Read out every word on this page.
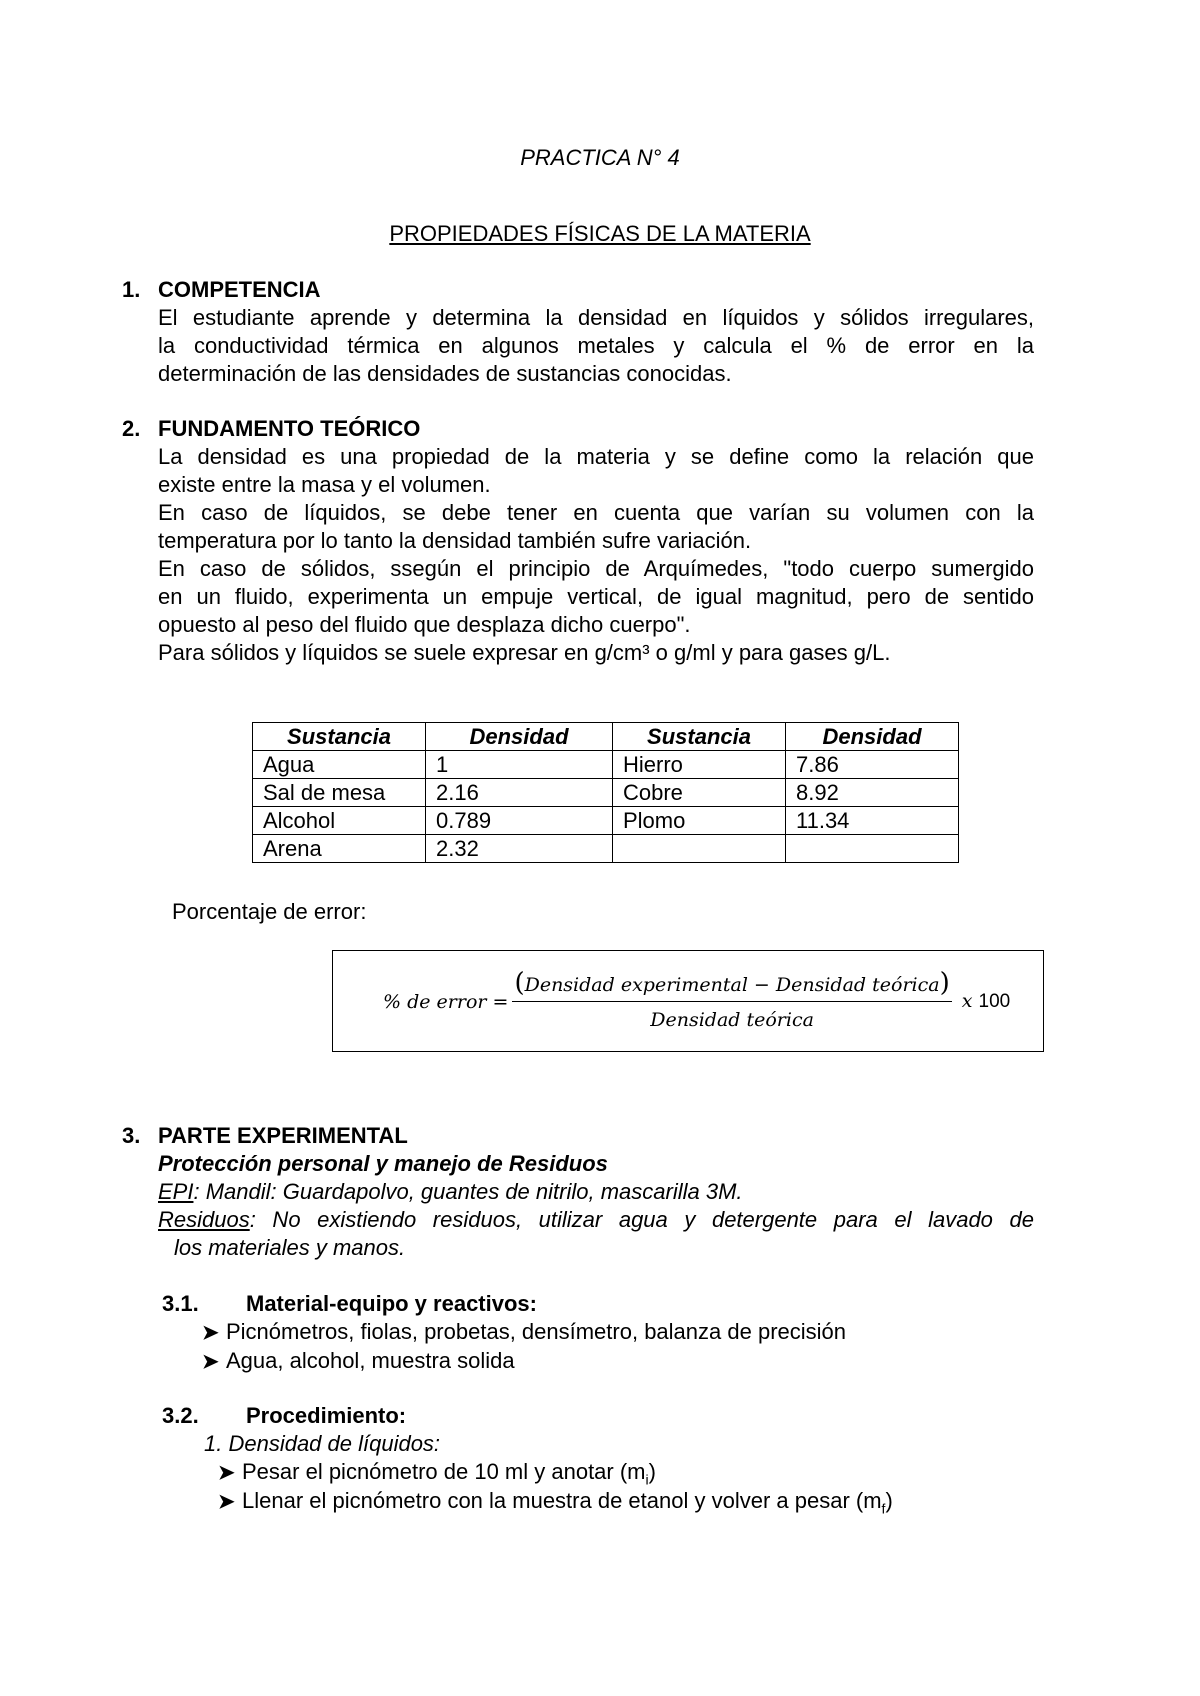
PRACTICA N° 4
PROPIEDADES FÍSICAS DE LA MATERIA
1. COMPETENCIA

El estudiante aprende y determina la densidad en líquidos y sólidos irregulares,

la conductividad térmica en algunos metales y calcula el % de error en la

determinación de las densidades de sustancias conocidas.

2. FUNDAMENTO TEÓRICO

La densidad es una propiedad de la materia y se define como la relación que

existe entre la masa y el volumen.

En caso de líquidos, se debe tener en cuenta que varían su volumen con la

temperatura por lo tanto la densidad también sufre variación.

En caso de sólidos, ssegún el principio de Arquímedes, "todo cuerpo sumergido

en un fluido, experimenta un empuje vertical, de igual magnitud, pero de sentido

opuesto al peso del fluido que desplaza dicho cuerpo".

Para sólidos y líquidos se suele expresar en g/cm³ o g/ml y para gases g/L.

Sustancia	Densidad	Sustancia	Densidad
Agua	1	Hierro	7.86
Sal de mesa	2.16	Cobre	8.92
Alcohol	0.789	Plomo	11.34
Arena	2.32		
Porcentaje de error:
% de error = $\frac{\text{(Densidad experimental − Densidad teórica)}}{\text{Densidad teórica}}$ x 100
3. PARTE EXPERIMENTAL
Protección personal y manejo de Residuos
EPI: Mandil: Guardapolvo, guantes de nitrilo, mascarilla 3M.
Residuos: No existiendo residuos, utilizar agua y detergente para el lavado de
los materiales y manos.
3.1.	Material-equipo y reactivos:
➤ Picnómetros, fiolas, probetas, densímetro, balanza de precisión
➤ Agua, alcohol, muestra solida
3.2.	Procedimiento:
1. Densidad de líquidos:
➤ Pesar el picnómetro de 10 ml y anotar $(m_i)$
➤ Llenar el picnómetro con la muestra de etanol y volver a pesar $(m_f)$
